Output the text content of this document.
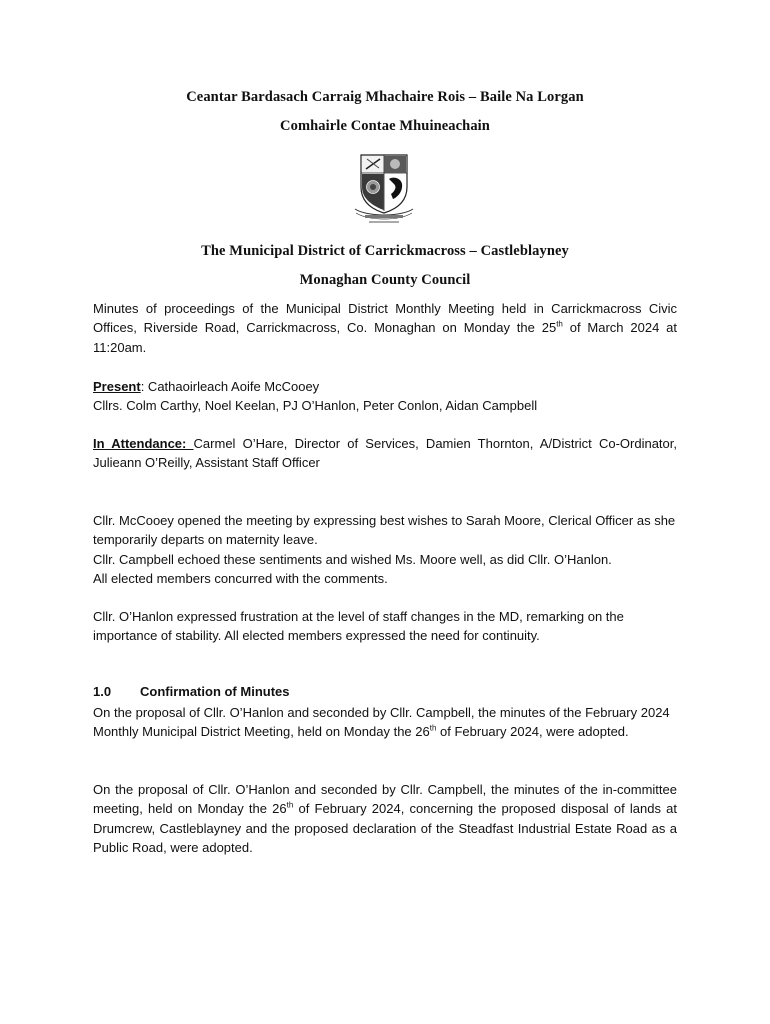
Ceantar Bardasach Carraig Mhachaire Rois – Baile Na Lorgan
Comhairle Contae Mhuineachain
The Municipal District of Carrickmacross – Castleblayney
Monaghan County Council

Minutes of proceedings of the Municipal District Monthly Meeting held in Carrickmacross Civic Offices, Riverside Road, Carrickmacross, Co. Monaghan on Monday the 25th of March 2024 at 11:20am.

Present: Cathaoirleach Aoife McCooey
Cllrs. Colm Carthy, Noel Keelan, PJ O’Hanlon, Peter Conlon, Aidan Campbell

In Attendance: Carmel O’Hare, Director of Services, Damien Thornton, A/District Co-Ordinator, Julieann O’Reilly, Assistant Staff Officer

Cllr. McCooey opened the meeting by expressing best wishes to Sarah Moore, Clerical Officer as she temporarily departs on maternity leave.
Cllr. Campbell echoed these sentiments and wished Ms. Moore well, as did Cllr. O’Hanlon.
All elected members concurred with the comments.

Cllr. O’Hanlon expressed frustration at the level of staff changes in the MD, remarking on the importance of stability. All elected members expressed the need for continuity.

1.0 Confirmation of Minutes

On the proposal of Cllr. O’Hanlon and seconded by Cllr. Campbell, the minutes of the February 2024 Monthly Municipal District Meeting, held on Monday the 26th of February 2024, were adopted.

On the proposal of Cllr. O’Hanlon and seconded by Cllr. Campbell, the minutes of the in-committee meeting, held on Monday the 26th of February 2024, concerning the proposed disposal of lands at Drumcrew, Castleblayney and the proposed declaration of the Steadfast Industrial Estate Road as a Public Road, were adopted.
